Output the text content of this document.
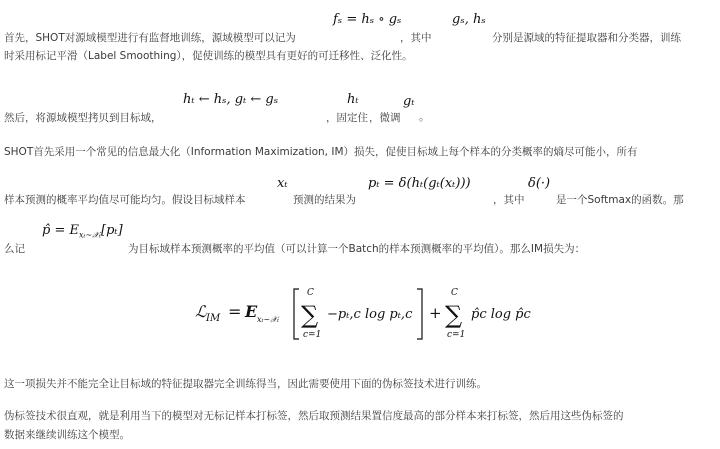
fₛ = hₛ ∘ gₛ	gₛ, hₛ
首先，SHOT对源域模型进行有监督地训练，源域模型可以记为	，其中	分别是源域的特征提取器和分类器，训练
时采用标记平滑（Label Smoothing），促使训练的模型具有更好的可迁移性、泛化性。
hₜ ← hₛ, gₜ ← gₛ	hₜ	gₜ
然后，将源域模型拷贝到目标域，	，固定住 ，微调 。
SHOT首先采用一个常见的信息最大化（Information Maximization, IM）损失，促使目标域上每个样本的分类概率的熵尽可能小，所有
xₜ	pₜ = δ(hₜ(gₜ(xₜ)))	δ(·)
样本预测的概率平均值尽可能均匀。假设目标域样本	预测的结果为	，其中	是一个Softmax的函数。那
p̂ = $E_{x_t\sim 𝒳_t}[p_t]$
么记	为目标域样本预测概率的平均值（可以计算一个Batch的样本预测概率的平均值）。那么IM损失为：
ℒ IM = E xₜ∼𝒳ₜ
C
∑
c=1
−pₜ,c log pₜ,c +
C
∑
c=1
p̂c log p̂c
这一项损失并不能完全让目标域的特征提取器完全训练得当，因此需要使用下面的伪标签技术进行训练。
伪标签技术很直观，就是利用当下的模型对无标记样本打标签，然后取预测结果置信度最高的部分样本来打标签，然后用这些伪标签的
数据来继续训练这个模型。
